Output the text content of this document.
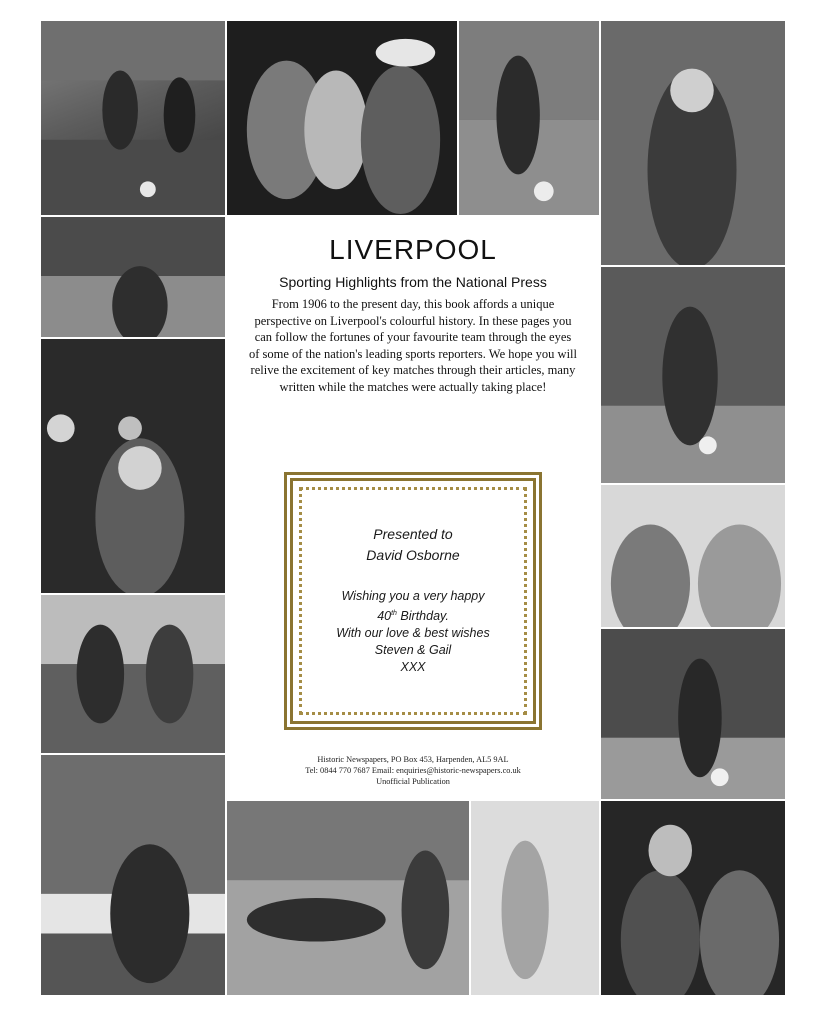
LIVERPOOL
Sporting Highlights from the National Press

From 1906 to the present day, this book affords a unique perspective on Liverpool's colourful history. In these pages you can follow the fortunes of your favourite team through the eyes of some of the nation's leading sports reporters. We hope you will relive the excitement of key matches through their articles, many written while the matches were actually taking place!

Presented to
David Osborne
Wishing you a very happy
40th Birthday.
With our love & best wishes
Steven & Gail
XXX
Historic Newspapers, PO Box 453, Harpenden, AL5 9AL
Tel: 0844 770 7687 Email: enquiries@historic-newspapers.co.uk
Unofficial Publication
